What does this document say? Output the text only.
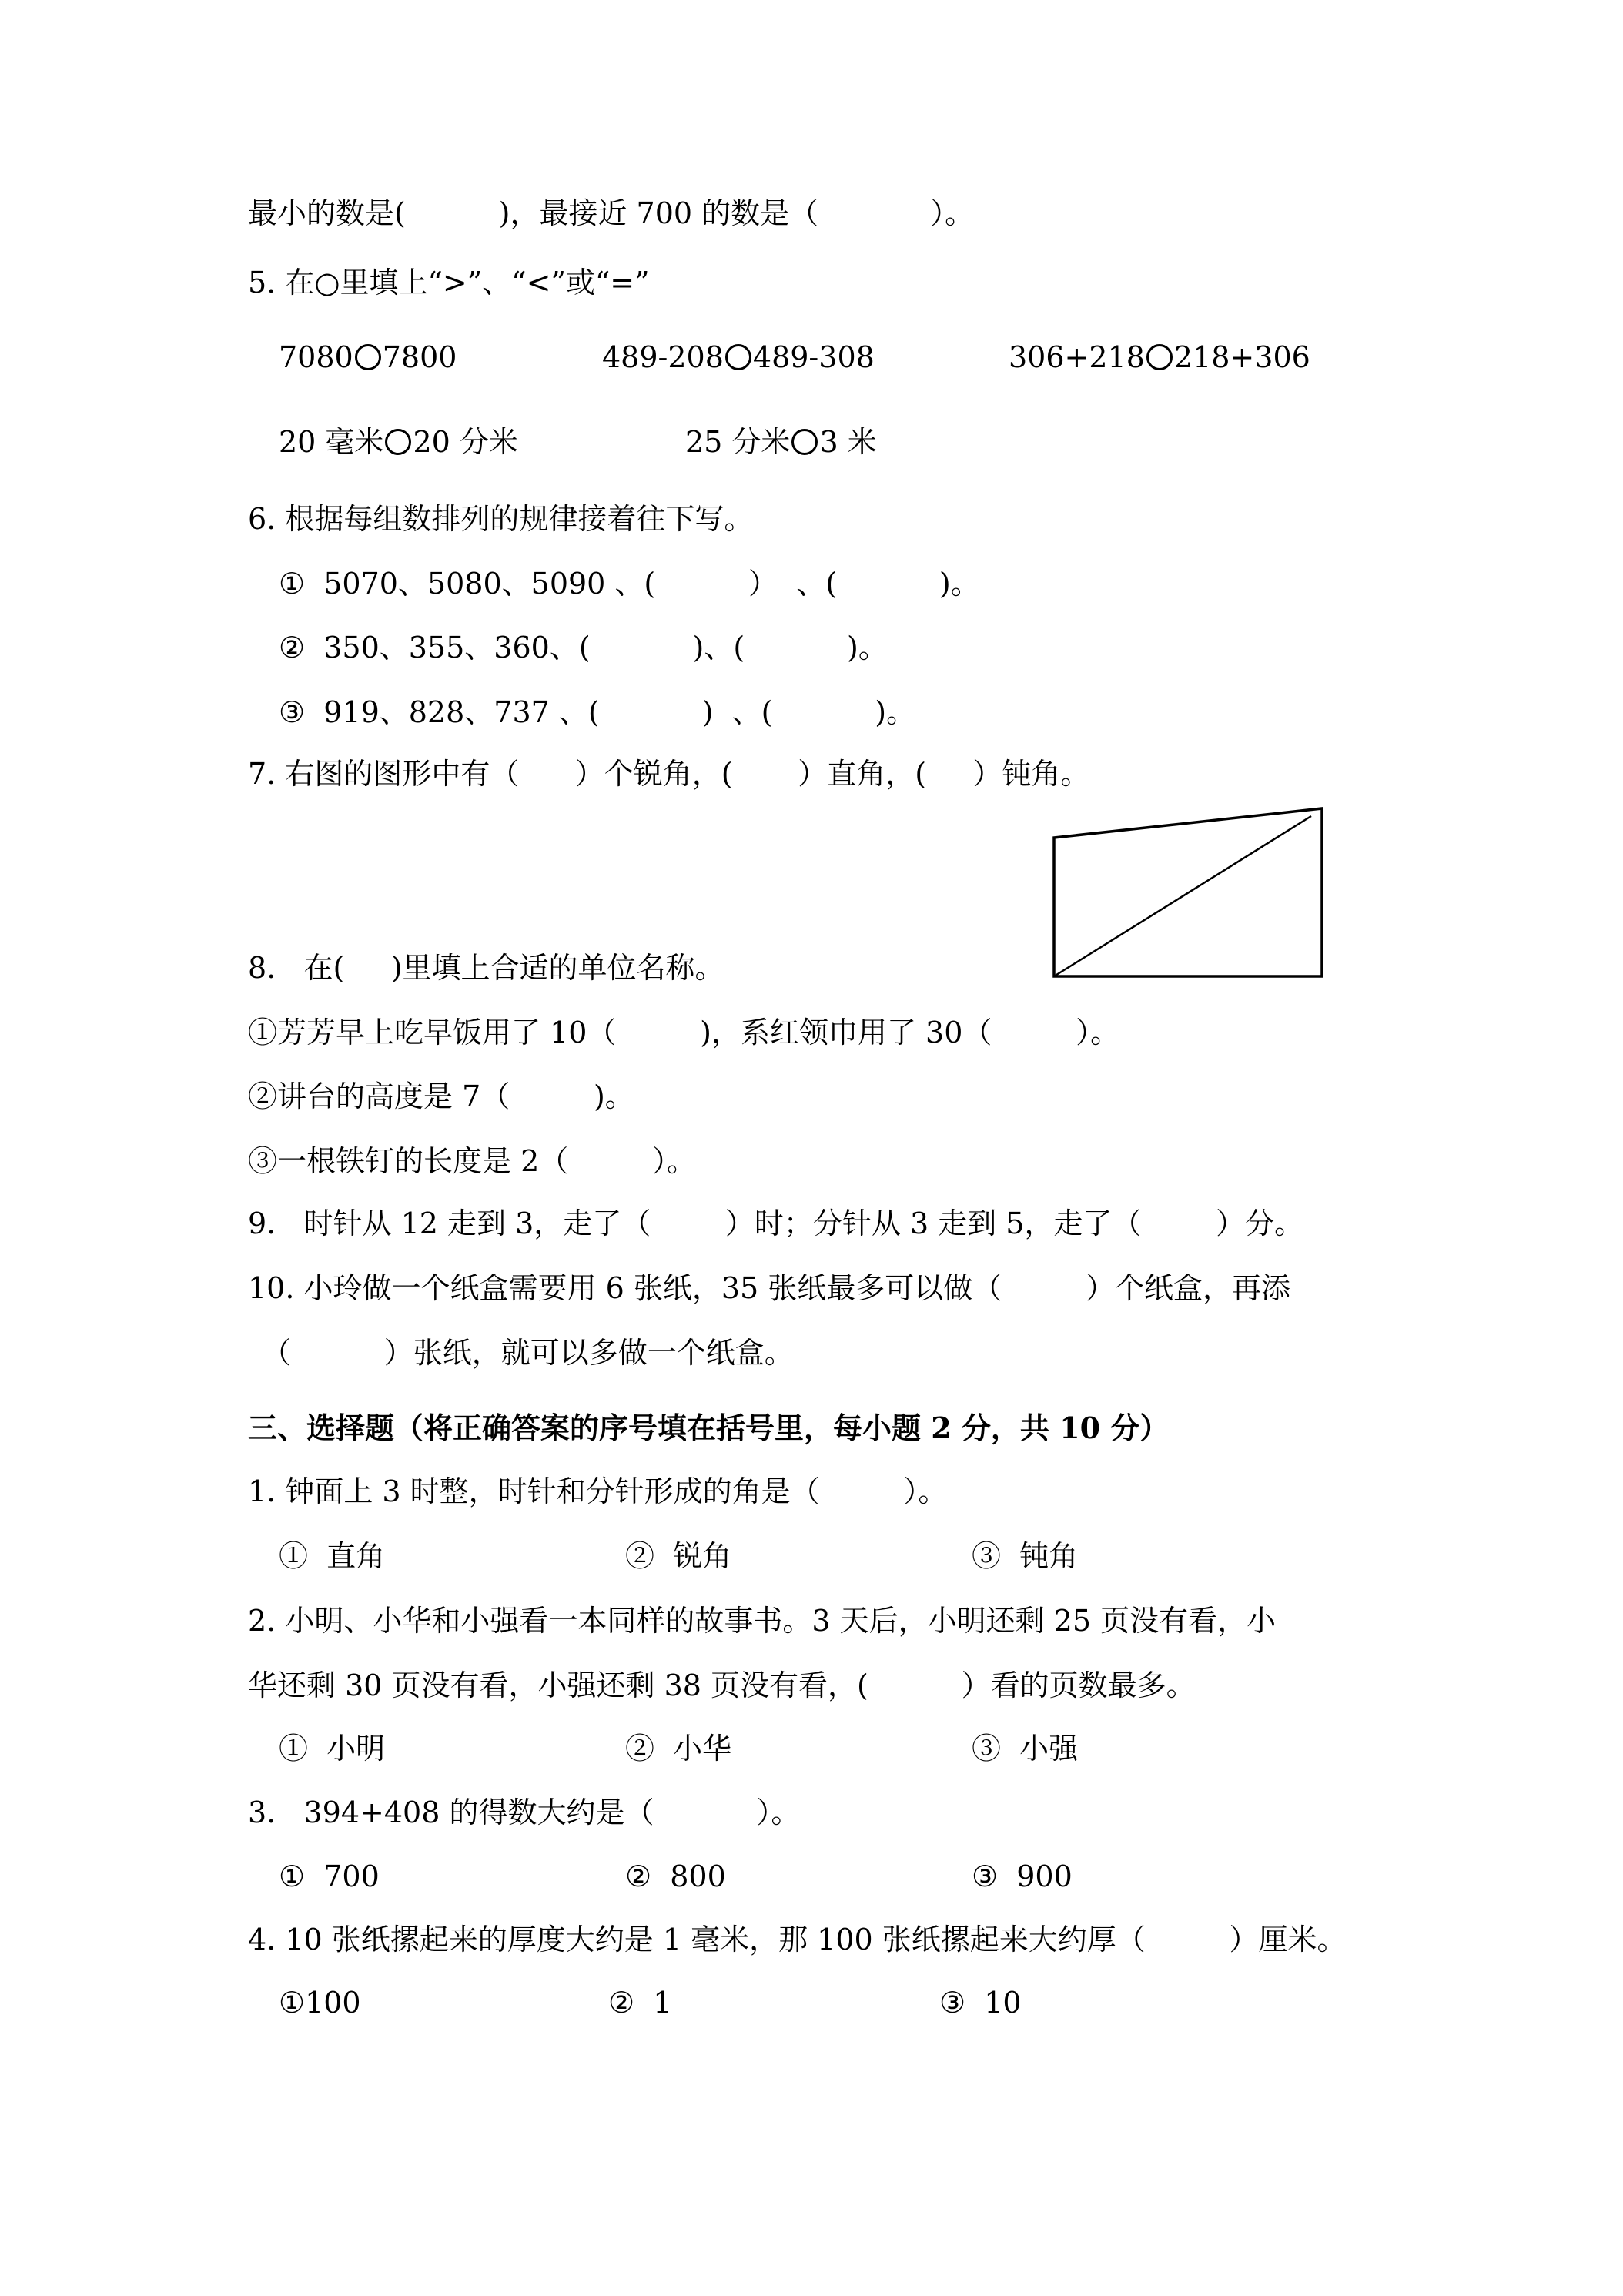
最小的数是(          )，最接近 700 的数是（            ）。
5. 在○里填上“>”、“<”或“=”
7080 7800	489-208 489-308	306+218 218+306
20 毫米 20 分米	25 分米 3 米
6. 根据每组数排列的规律接着往下写。
①  5070、5080、5090 、(          ）  、(           )。
②  350、355、360、(           )、(           )。
③  919、828、737 、(           )  、(           )。
7. 右图的图形中有（      ）个锐角，(       ）直角，(     ）钝角。
8.   在(     )里填上合适的单位名称。
①芳芳早上吃早饭用了 10（         )，系红领巾用了 30（         ）。
②讲台的高度是 7（         )。
③一根铁钉的长度是 2（         ）。
9.   时针从 12 走到 3，走了（        ）时；分针从 3 走到 5，走了（        ）分。
10. 小玲做一个纸盒需要用 6 张纸，35 张纸最多可以做（         ）个纸盒，再添
（          ）张纸，就可以多做一个纸盒。
三、选择题（将正确答案的序号填在括号里，每小题 2 分，共 10 分）
1. 钟面上 3 时整，时针和分针形成的角是（         ）。
①  直角	②  锐角	③  钝角
2. 小明、小华和小强看一本同样的故事书。3 天后，小明还剩 25 页没有看，小
华还剩 30 页没有看，小强还剩 38 页没有看，(          ）看的页数最多。
①  小明	②  小华	③  小强
3.   394+408 的得数大约是（           ）。
①  700	②  800	③  900
4. 10 张纸摞起来的厚度大约是 1 毫米，那 100 张纸摞起来大约厚（         ）厘米。
①100	②  1	③  10
